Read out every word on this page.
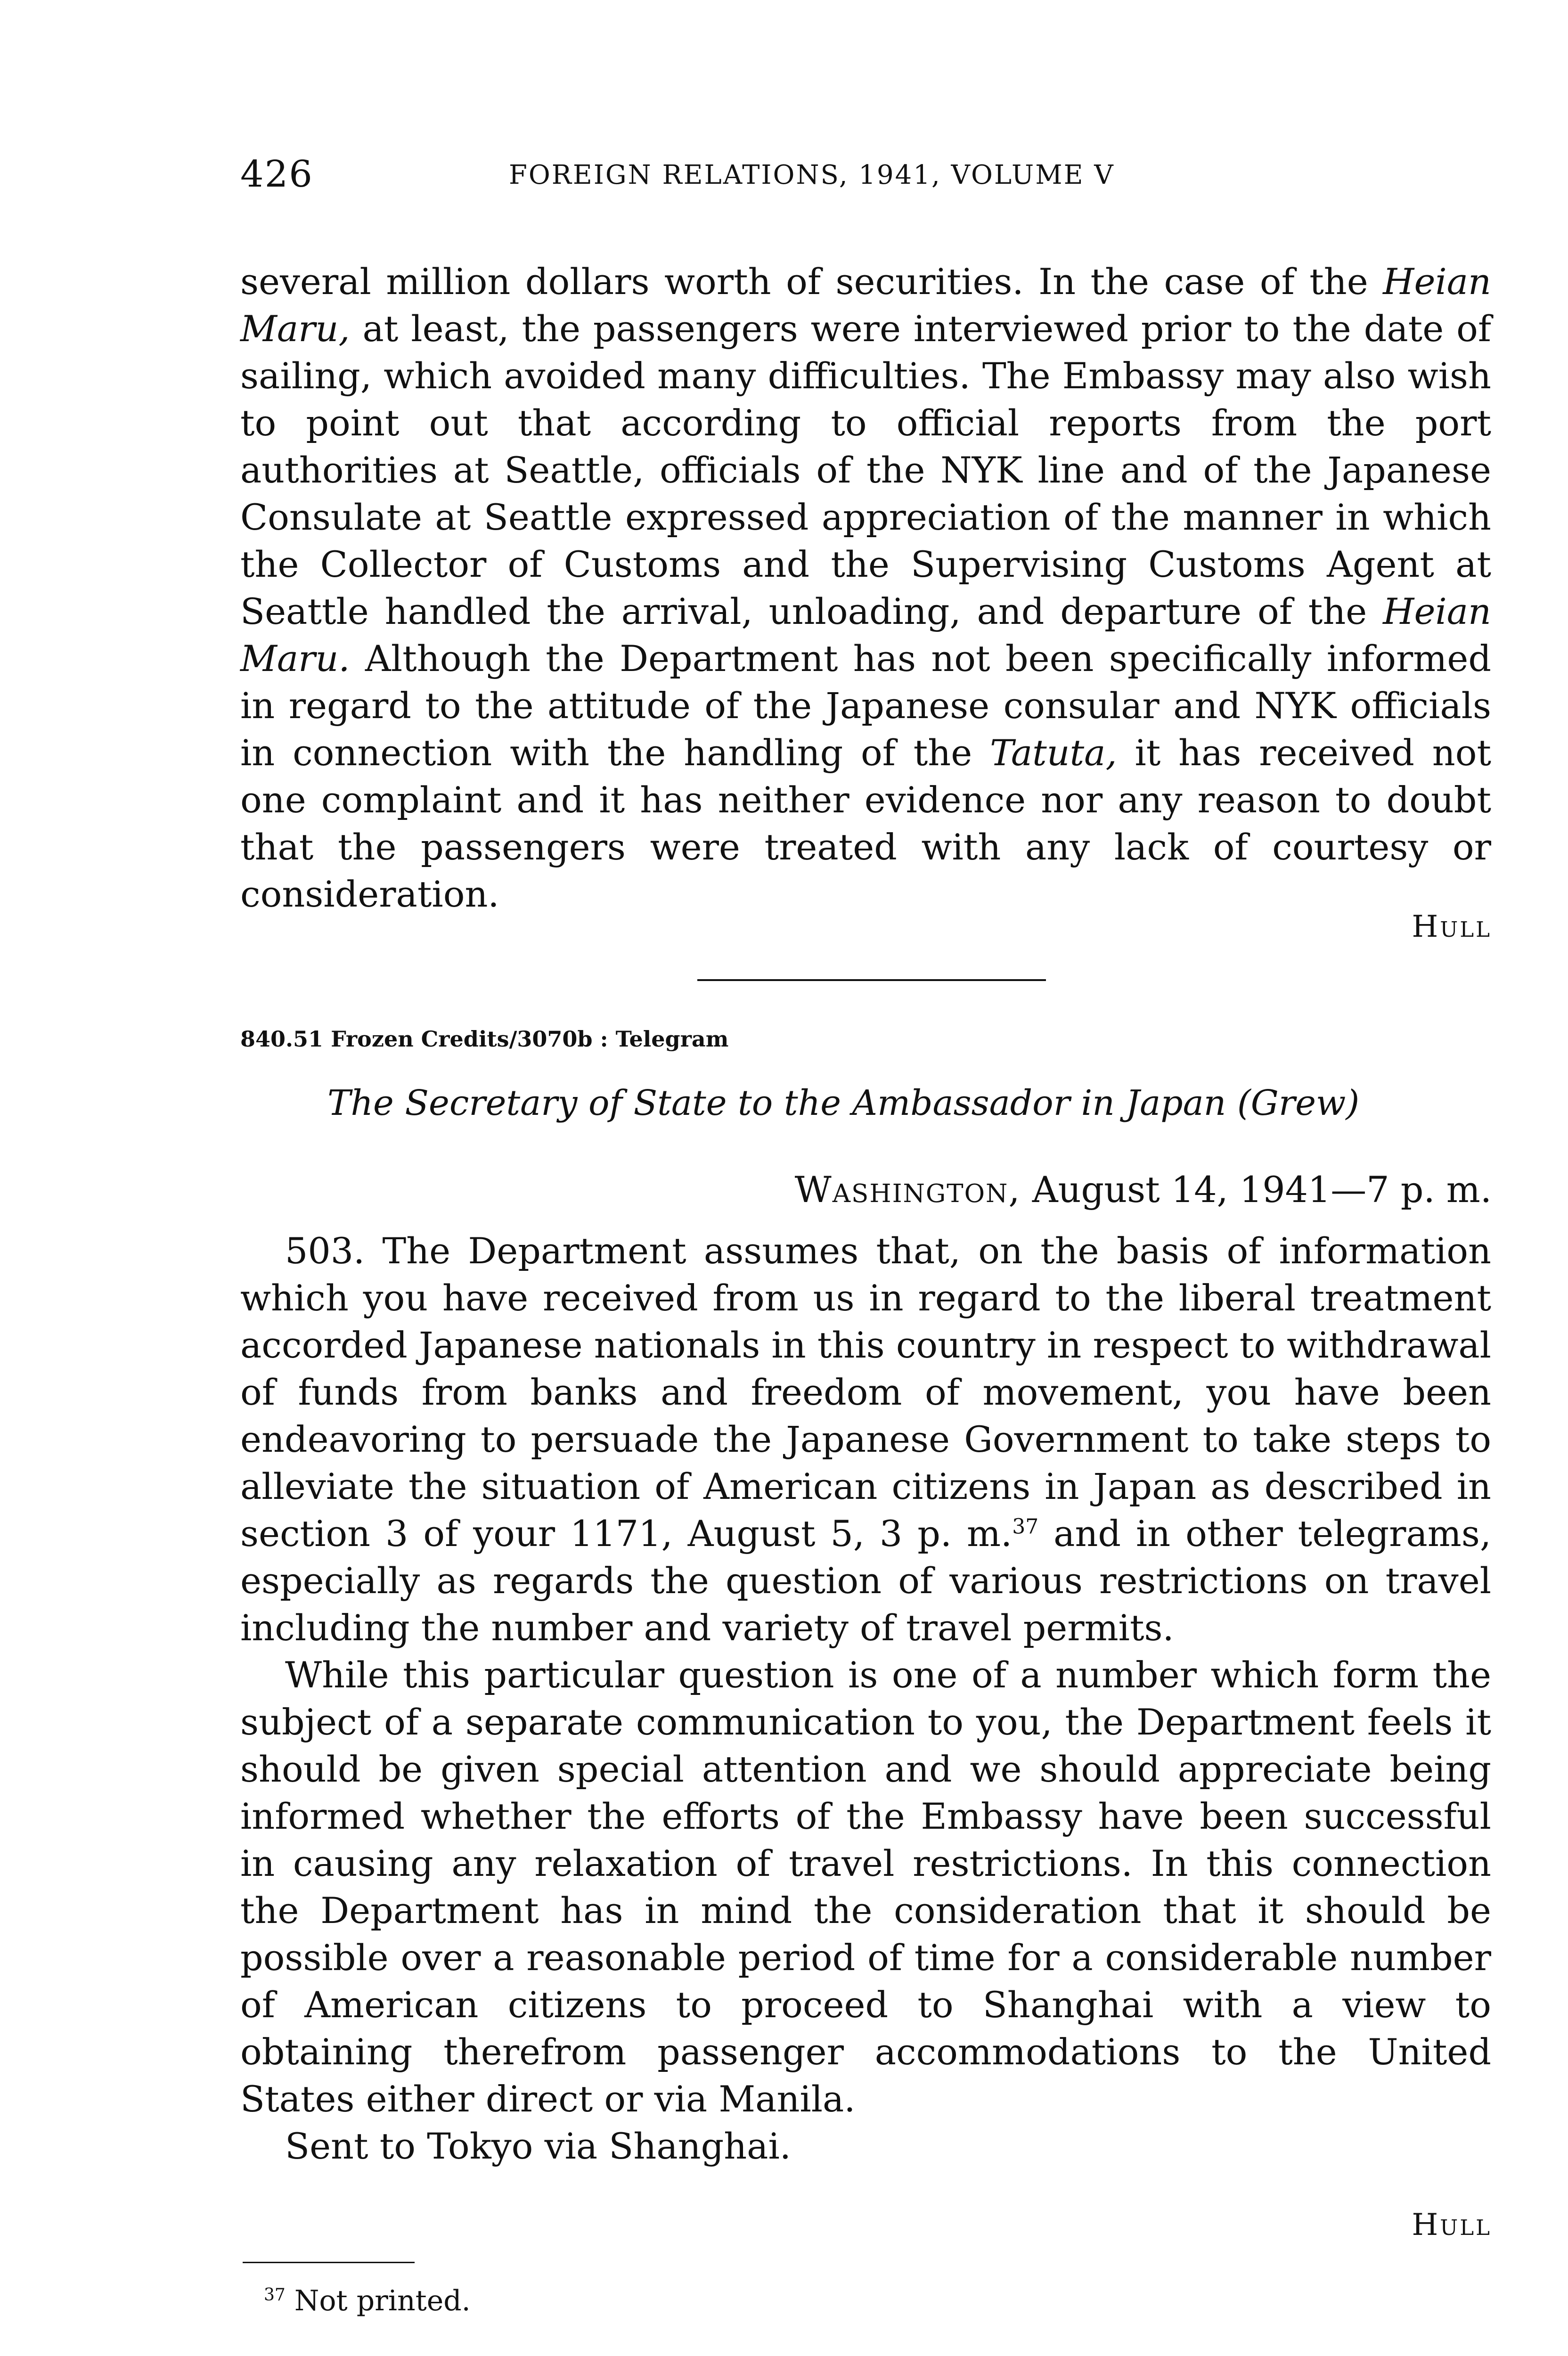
426	FOREIGN RELATIONS, 1941, VOLUME V

several million dollars worth of securities. In the case of the Heian Maru, at least, the passengers were interviewed prior to the date of sailing, which avoided many difficulties. The Embassy may also wish to point out that according to official reports from the port authorities at Seattle, officials of the NYK line and of the Japanese Consulate at Seattle expressed appreciation of the manner in which the Collector of Customs and the Supervising Customs Agent at Seattle handled the arrival, unloading, and departure of the Heian Maru. Although the Department has not been specifically informed in regard to the attitude of the Japanese consular and NYK officials in connection with the handling of the Tatuta, it has received not one complaint and it has neither evidence nor any reason to doubt that the passengers were treated with any lack of courtesy or consideration.

Hull
840.51 Frozen Credits/3070b : Telegram
The Secretary of State to the Ambassador in Japan (Grew)
Washington, August 14, 1941—7 p. m.

503. The Department assumes that, on the basis of information which you have received from us in regard to the liberal treatment accorded Japanese nationals in this country in respect to withdrawal of funds from banks and freedom of movement, you have been endeavoring to persuade the Japanese Government to take steps to alleviate the situation of American citizens in Japan as described in section 3 of your 1171, August 5, 3 p. m.$^{37}$ and in other telegrams, especially as regards the question of various restrictions on travel including the number and variety of travel permits.

While this particular question is one of a number which form the subject of a separate communication to you, the Department feels it should be given special attention and we should appreciate being informed whether the efforts of the Embassy have been successful in causing any relaxation of travel restrictions. In this connection the Department has in mind the consideration that it should be possible over a reasonable period of time for a considerable number of American citizens to proceed to Shanghai with a view to obtaining therefrom passenger accommodations to the United States either direct or via Manila.

Sent to Tokyo via Shanghai.

Hull
$^{37}$ Not printed.
